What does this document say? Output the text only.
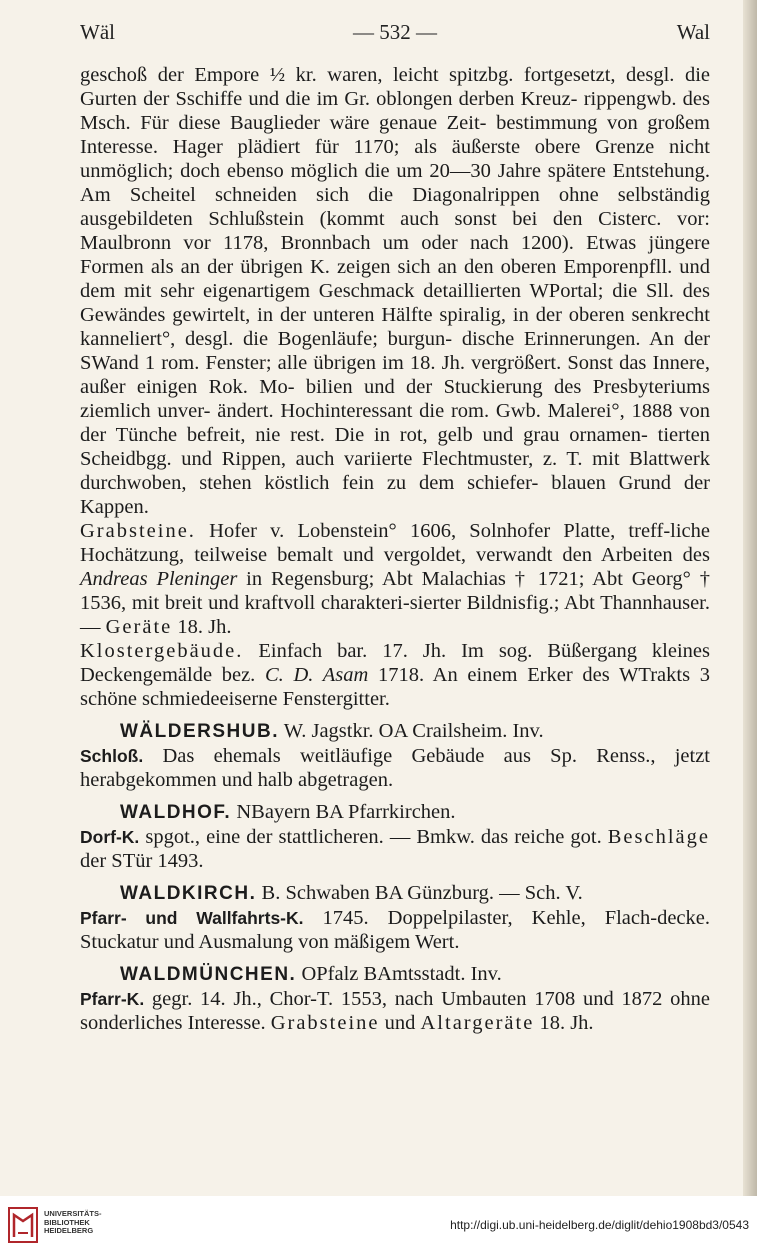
Wäl	— 532 —	Wal

geschoß der Empore ½ kr. waren, leicht spitzbg. fortgesetzt, desgl. die Gurten der Sschiffe und die im Gr. oblongen derben Kreuz- rippengwb. des Msch. Für diese Bauglieder wäre genaue Zeit- bestimmung von großem Interesse. Hager plädiert für 1170; als äußerste obere Grenze nicht unmöglich; doch ebenso möglich die um 20—30 Jahre spätere Entstehung. Am Scheitel schneiden sich die Diagonalrippen ohne selbständig ausgebildeten Schlußstein (kommt auch sonst bei den Cisterc. vor: Maulbronn vor 1178, Bronnbach um oder nach 1200). Etwas jüngere Formen als an der übrigen K. zeigen sich an den oberen Emporenpfll. und dem mit sehr eigenartigem Geschmack detaillierten WPortal; die Sll. des Gewändes gewirtelt, in der unteren Hälfte spiralig, in der oberen senkrecht kanneliert°, desgl. die Bogenläufe; burgun- dische Erinnerungen. An der SWand 1 rom. Fenster; alle übrigen im 18. Jh. vergrößert. Sonst das Innere, außer einigen Rok. Mo- bilien und der Stuckierung des Presbyteriums ziemlich unver- ändert. Hochinteressant die rom. Gwb. Malerei°, 1888 von der Tünche befreit, nie rest. Die in rot, gelb und grau ornamen- tierten Scheidbgg. und Rippen, auch variierte Flechtmuster, z. T. mit Blattwerk durchwoben, stehen köstlich fein zu dem schiefer- blauen Grund der Kappen.

Grabsteine. Hofer v. Lobenstein° 1606, Solnhofer Platte, treff-liche Hochätzung, teilweise bemalt und vergoldet, verwandt den Arbeiten des Andreas Pleninger in Regensburg; Abt Malachias † 1721; Abt Georg° † 1536, mit breit und kraftvoll charakteri-sierter Bildnisfig.; Abt Thannhauser. — Geräte 18. Jh.

Klostergebäude. Einfach bar. 17. Jh. Im sog. Büßergang kleines Deckengemälde bez. C. D. Asam 1718. An einem Erker des WTrakts 3 schöne schmiedeeiserne Fenstergitter.

WÄLDERSHUB. W. Jagstkr. OA Crailsheim. Inv.

Schloß. Das ehemals weitläufige Gebäude aus Sp. Renss., jetzt herabgekommen und halb abgetragen.

WALDHOF. NBayern BA Pfarrkirchen.

Dorf-K. spgot., eine der stattlicheren. — Bmkw. das reiche got. Beschläge der STür 1493.

WALDKIRCH. B. Schwaben BA Günzburg. — Sch. V.

Pfarr- und Wallfahrts-K. 1745. Doppelpilaster, Kehle, Flach-decke. Stuckatur und Ausmalung von mäßigem Wert.

WALDMÜNCHEN. OPfalz BAmtsstadt. Inv.

Pfarr-K. gegr. 14. Jh., Chor-T. 1553, nach Umbauten 1708 und 1872 ohne sonderliches Interesse. Grabsteine und Altargeräte 18. Jh.

UNIVERSITÄTS-
BIBLIOTHEK
HEIDELBERG	http://digi.ub.uni-heidelberg.de/diglit/dehio1908bd3/0543
